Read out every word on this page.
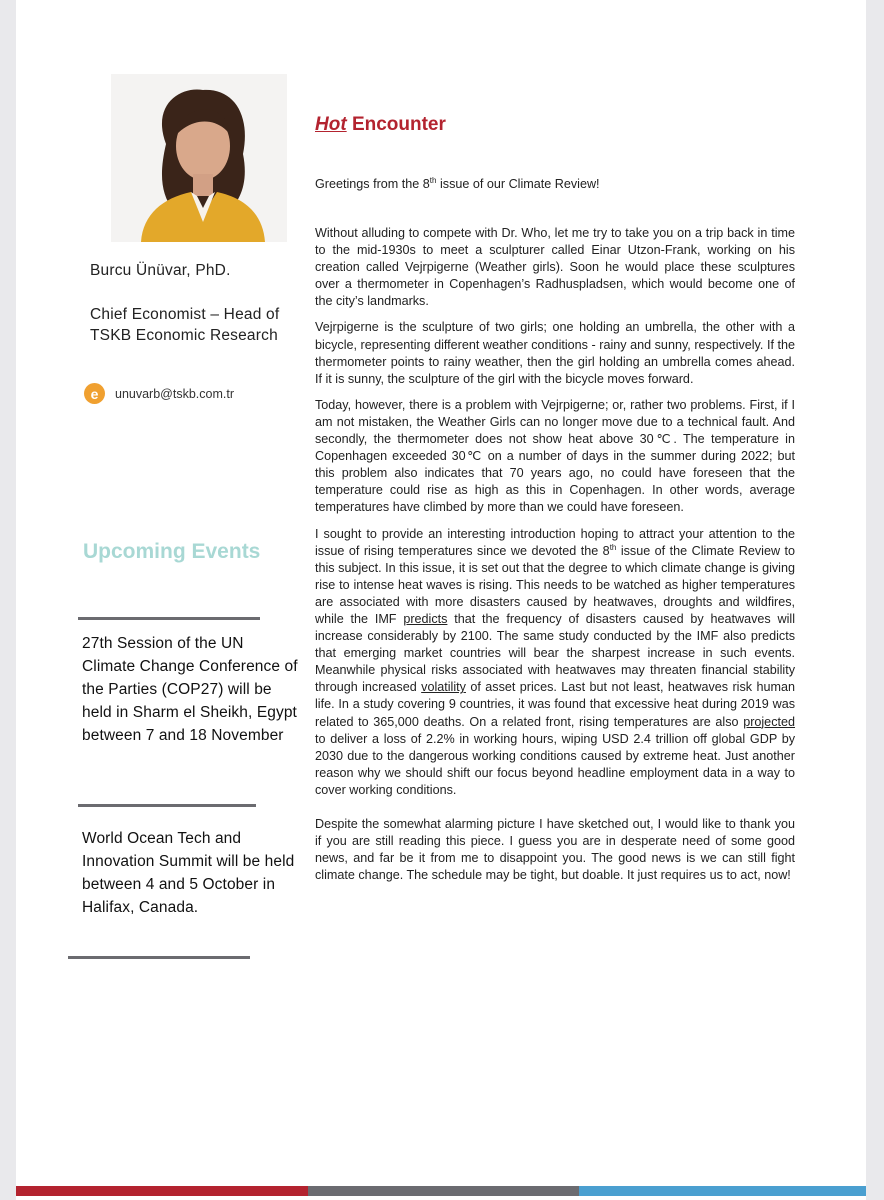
Burcu Ünüvar, PhD.
Chief Economist – Head of TSKB Economic Research
e	unuvarb@tskb.com.tr
Upcoming Events
27th Session of the UN Climate Change Conference of the Parties (COP27) will be held in Sharm el Sheikh, Egypt between 7 and 18 November
World Ocean Tech and Innovation Summit will be held between 4 and 5 October in Halifax, Canada.
Hot Encounter
Greetings from the 8th issue of our Climate Review!

Without alluding to compete with Dr. Who, let me try to take you on a trip back in time to the mid-1930s to meet a sculpturer called Einar Utzon-Frank, working on his creation called Vejrpigerne (Weather girls). Soon he would place these sculptures over a thermometer in Copenhagen’s Radhuspladsen, which would become one of the city’s landmarks.

Vejrpigerne is the sculpture of two girls; one holding an umbrella, the other with a bicycle, representing different weather conditions - rainy and sunny, respectively. If the thermometer points to rainy weather, then the girl holding an umbrella comes ahead. If it is sunny, the sculpture of the girl with the bicycle moves forward.

Today, however, there is a problem with Vejrpigerne; or, rather two problems. First, if I am not mistaken, the Weather Girls can no longer move due to a technical fault. And secondly, the thermometer does not show heat above 30℃. The temperature in Copenhagen exceeded 30℃ on a number of days in the summer during 2022; but this problem also indicates that 70 years ago, no could have foreseen that the temperature could rise as high as this in Copenhagen. In other words, average temperatures have climbed by more than we could have foreseen.

I sought to provide an interesting introduction hoping to attract your attention to the issue of rising temperatures since we devoted the 8th issue of the Climate Review to this subject. In this issue, it is set out that the degree to which climate change is giving rise to intense heat waves is rising. This needs to be watched as higher temperatures are associated with more disasters caused by heatwaves, droughts and wildfires, while the IMF predicts that the frequency of disasters caused by heatwaves will increase considerably by 2100. The same study conducted by the IMF also predicts that emerging market countries will bear the sharpest increase in such events. Meanwhile physical risks associated with heatwaves may threaten financial stability through increased volatility of asset prices. Last but not least, heatwaves risk human life. In a study covering 9 countries, it was found that excessive heat during 2019 was related to 365,000 deaths. On a related front, rising temperatures are also projected to deliver a loss of 2.2% in working hours, wiping USD 2.4 trillion off global GDP by 2030 due to the dangerous working conditions caused by extreme heat. Just another reason why we should shift our focus beyond headline employment data in a way to cover working conditions.

Despite the somewhat alarming picture I have sketched out, I would like to thank you if you are still reading this piece. I guess you are in desperate need of some good news, and far be it from me to disappoint you. The good news is we can still fight climate change. The schedule may be tight, but doable. It just requires us to act, now!
